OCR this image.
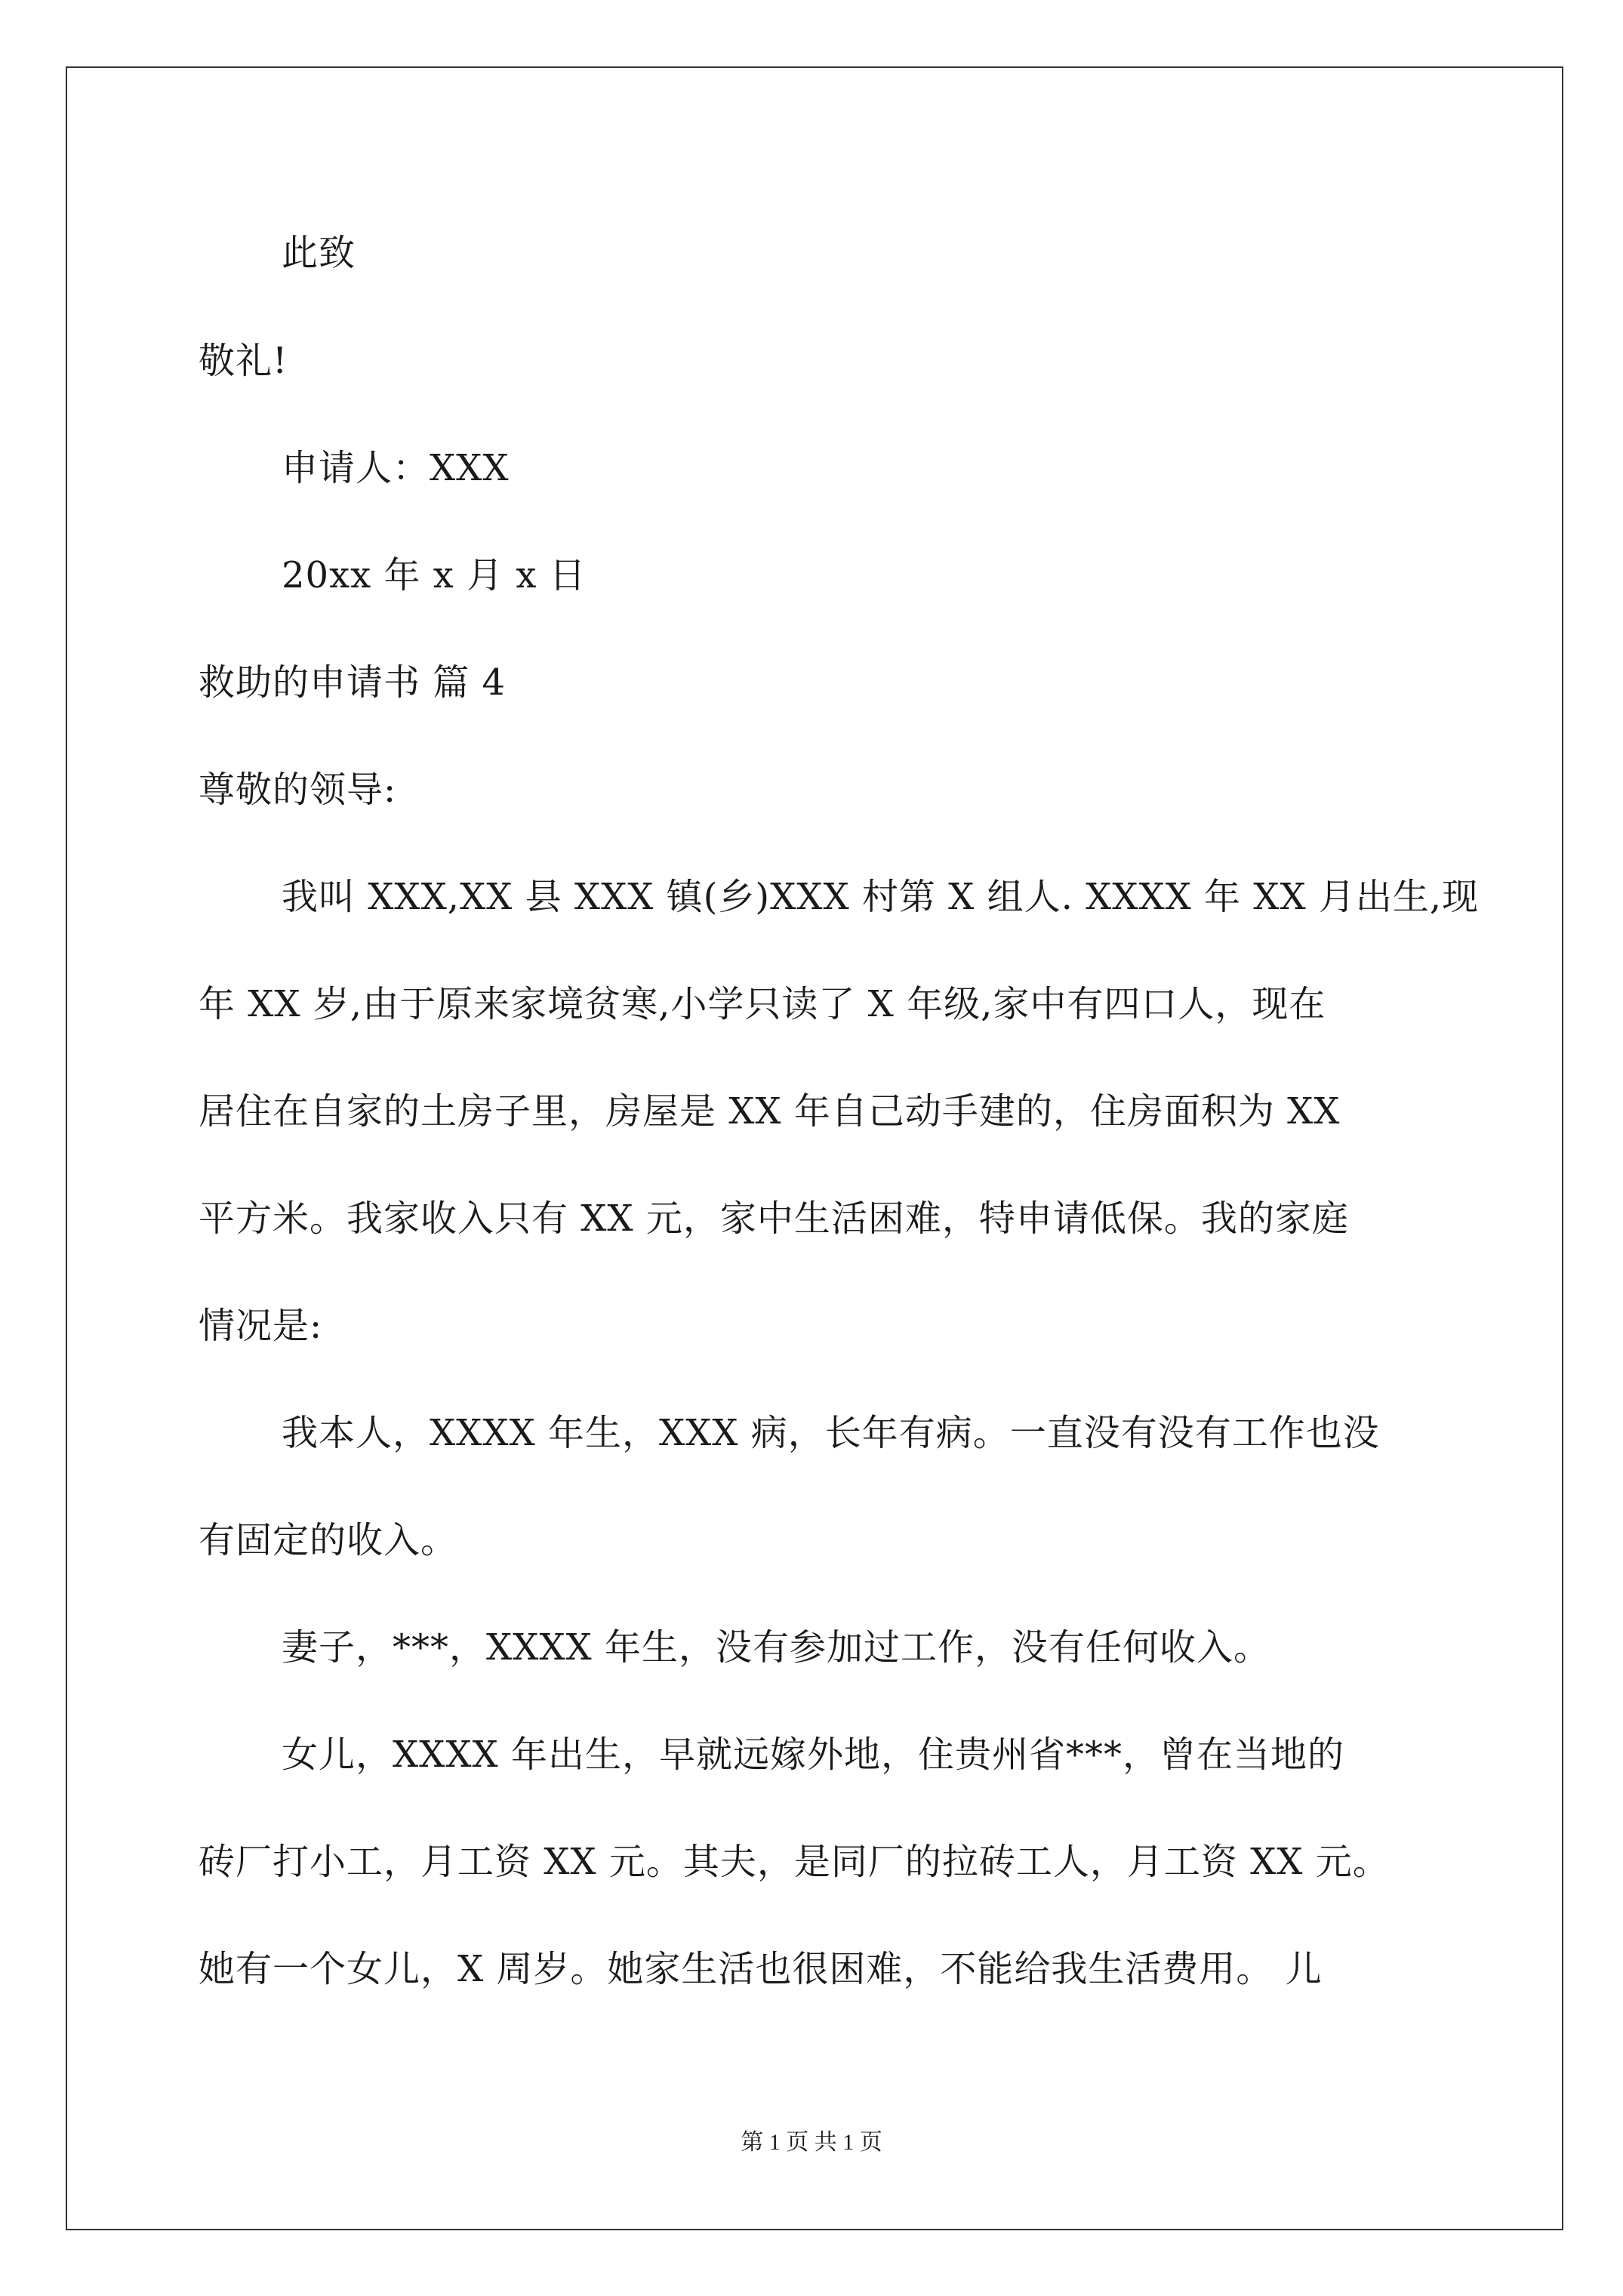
此致
敬礼!
申请人：XXX
20xx 年 x 月 x 日
救助的申请书 篇 4
尊敬的领导:
我叫 XXX,XX 县 XXX 镇(乡)XXX 村第 X 组人. XXXX 年 XX 月出生,现
年 XX 岁,由于原来家境贫寒,小学只读了 X 年级,家中有四口人，现在
居住在自家的土房子里，房屋是 XX 年自己动手建的，住房面积为 XX
平方米。我家收入只有 XX 元，家中生活困难，特申请低保。我的家庭
情况是:
我本人，XXXX 年生，XXX 病，长年有病。一直没有没有工作也没
有固定的收入。
妻子，***，XXXX 年生，没有参加过工作，没有任何收入。
女儿，XXXX 年出生，早就远嫁外地，住贵州省***，曾在当地的
砖厂打小工，月工资 XX 元。其夫，是同厂的拉砖工人，月工资 XX 元。
她有一个女儿，X 周岁。她家生活也很困难，不能给我生活费用。 儿
第 1 页 共 1 页
